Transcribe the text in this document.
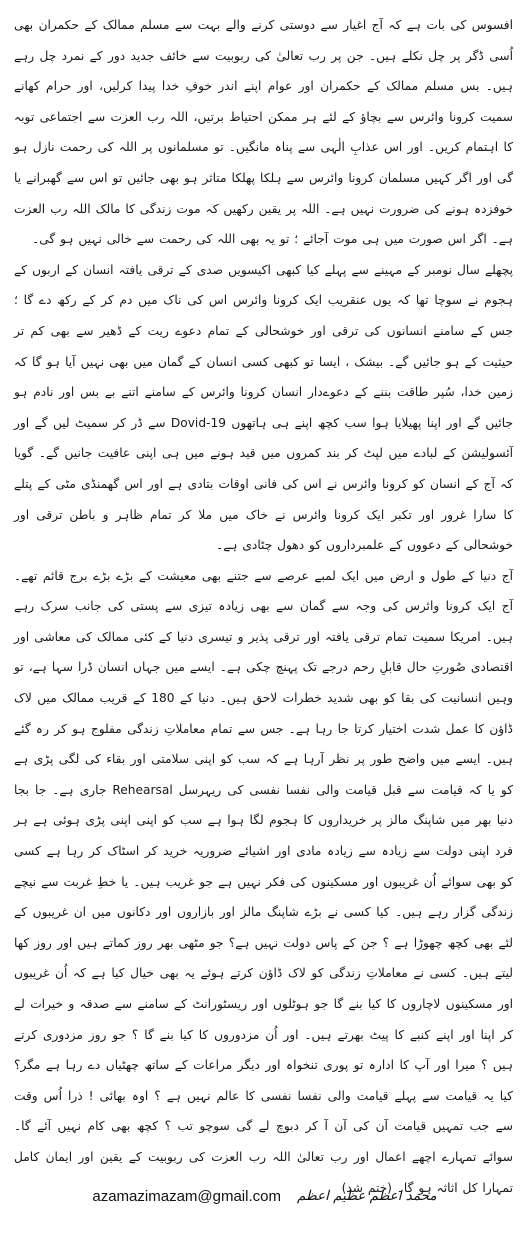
افسوس کی بات ہے کہ آج اغیار سے دوستی کرنے والے بہت سے مسلم ممالک کے حکمران بھی اُسی ڈگر پر چل نکلے ہیں۔ جن پر رب تعالیٰ کی ربوبیت سے خائف جدید دور کے نمرد چل رہے ہیں۔ بس مسلم ممالک کے حکمران اور عوام اپنے اندر خوفِ خدا پیدا کرلیں، اور حرام کھانے سمیت کرونا وائرس سے بچاؤ کے لئے ہر ممکن احتیاط برتیں، اللہ رب العزت سے اجتماعی توبہ کا اہتمام کریں۔ اور اس عذابِ الٰہی سے پناہ مانگیں۔ تو مسلمانوں پر اللہ کی رحمت نازل ہو گی اور اگر کہیں مسلمان کرونا وائرس سے ہلکا پھلکا متاثر ہو بھی جائیں تو اس سے گھبرانے یا خوفزدہ ہونے کی ضرورت نہیں ہے۔ اللہ پر یقین رکھیں کہ موت زندگی کا مالک اللہ رب العزت ہے۔ اگر اس صورت میں ہی موت آجائے ؛ تو یہ بھی اللہ کی رحمت سے خالی نہیں ہو گی۔

پچھلے سال نومبر کے مہینے سے پہلے کیا کبھی اکیسویں صدی کے ترقی یافتہ انسان کے اربوں کے ہجوم نے سوچا تھا کہ یوں عنقریب ایک کرونا وائرس اس کی ناک میں دم کر کے رکھ دے گا ؛ جس کے سامنے انسانوں کی ترقی اور خوشحالی کے تمام دعوے ریت کے ڈھیر سے بھی کم تر حیثیت کے ہو جائیں گے۔ بیشک ، ایسا تو کبھی کسی انسان کے گمان میں بھی نہیں آیا ہو گا کہ زمین خدا، سُپر طاقت بننے کے دعوےدار انسان کرونا وائرس کے سامنے اتنے بے بس اور نادم ہو جائیں گے اور اپنا پھیلایا ہوا سب کچھ اپنے ہی ہاتھوں Dovid-19 سے ڈر کر سمیٹ لیں گے اور آئسولیشن کے لبادے میں لپٹ کر بند کمروں میں قید ہونے میں ہی اپنی عافیت جانیں گے۔ گویا کہ آج کے انسان کو کرونا وائرس نے اس کی فانی اوقات بتادی ہے اور اس گھمنڈی مٹی کے پتلے کا سارا غرور اور تکبر ایک کرونا وائرس نے خاک میں ملا کر تمام ظاہر و باطن ترقی اور خوشحالی کے دعووں کے علمبرداروں کو دھول چٹادی ہے۔

آج دنیا کے طول و ارض میں ایک لمبے عرصے سے جتنے بھی معیشت کے بڑے بڑے برج قائم تھے۔ آج ایک کرونا وائرس کی وجہ سے گمان سے بھی زیادہ تیزی سے پستی کی جانب سرک رہے ہیں۔ امریکا سمیت تمام ترقی یافتہ اور ترقی پذیر و تیسری دنیا کے کئی ممالک کی معاشی اور اقتصادی صُورتِ حال قابلِ رحم درجے تک پہنچ چکی ہے۔ ایسے میں جہاں انسان ڈرا سہا ہے، تو وہیں انسانیت کی بقا کو بھی شدید خطرات لاحق ہیں۔ دنیا کے 180 کے قریب ممالک میں لاک ڈاؤن کا عمل شدت اختیار کرتا جا رہا ہے۔ جس سے تمام معاملاتِ زندگی مفلوج ہو کر رہ گئے ہیں۔ ایسے میں واضح طور پر نظر آرہا ہے کہ سب کو اپنی سلامتی اور بقاء کی لگی پڑی ہے کو یا کہ قیامت سے قبل قیامت والی نفسا نفسی کی ریہرسل Rehearsal جاری ہے۔ جا بجا دنیا بھر میں شاپنگ مالز پر خریداروں کا ہجوم لگا ہوا ہے سب کو اپنی اپنی پڑی ہوئی ہے ہر فرد اپنی دولت سے زیادہ سے زیادہ مادی اور اشیائے ضروریہ خرید کر اسٹاک کر رہا ہے کسی کو بھی سوائے اُن غریبوں اور مسکینوں کی فکر نہیں ہے جو غریب ہیں۔ یا خطِ غربت سے نیچے زندگی گزار رہے ہیں۔ کیا کسی نے بڑے شاپنگ مالز اور بازاروں اور دکانوں میں ان غریبوں کے لئے بھی کچھ چھوڑا ہے ؟ جن کے پاس دولت نہیں ہے؟ جو مٹھی بھر روز کماتے ہیں اور روز کھا لیتے ہیں۔ کسی نے معاملاتِ زندگی کو لاک ڈاؤن کرتے ہوئے یہ بھی خیال کیا ہے کہ اُن غریبوں اور مسکینوں لاچاروں کا کیا بنے گا جو ہوٹلوں اور ریسٹورانٹ کے سامنے سے صدقہ و خیرات لے کر اپنا اور اپنے کنبے کا پیٹ بھرتے ہیں۔ اور اُن مزدوروں کا کیا بنے گا ؟ جو روز مزدوری کرتے ہیں ؟ میرا اور آپ کا ادارہ تو پوری تنخواہ اور دیگر مراعات کے ساتھ چھٹیاں دے رہا ہے مگر؟ کیا یہ قیامت سے پہلے قیامت والی نفسا نفسی کا عالم نہیں ہے ؟ اوہ بھائی ! ذرا اُس وقت سے جب تمہیں قیامت آن کی آن آ کر دبوچ لے گی سوچو تب ؟ کچھ بھی کام نہیں آئے گا۔ سوائے تمہارے اچھے اعمال اور رب تعالیٰ اللہ رب العزت کی ربوبیت کے یقین اور ایمان کامل تمہارا کل اثاثہ ہو گا۔ (ختم شد)

azamazimazam@gmail.com محمد اعظم عظیم اعظم
